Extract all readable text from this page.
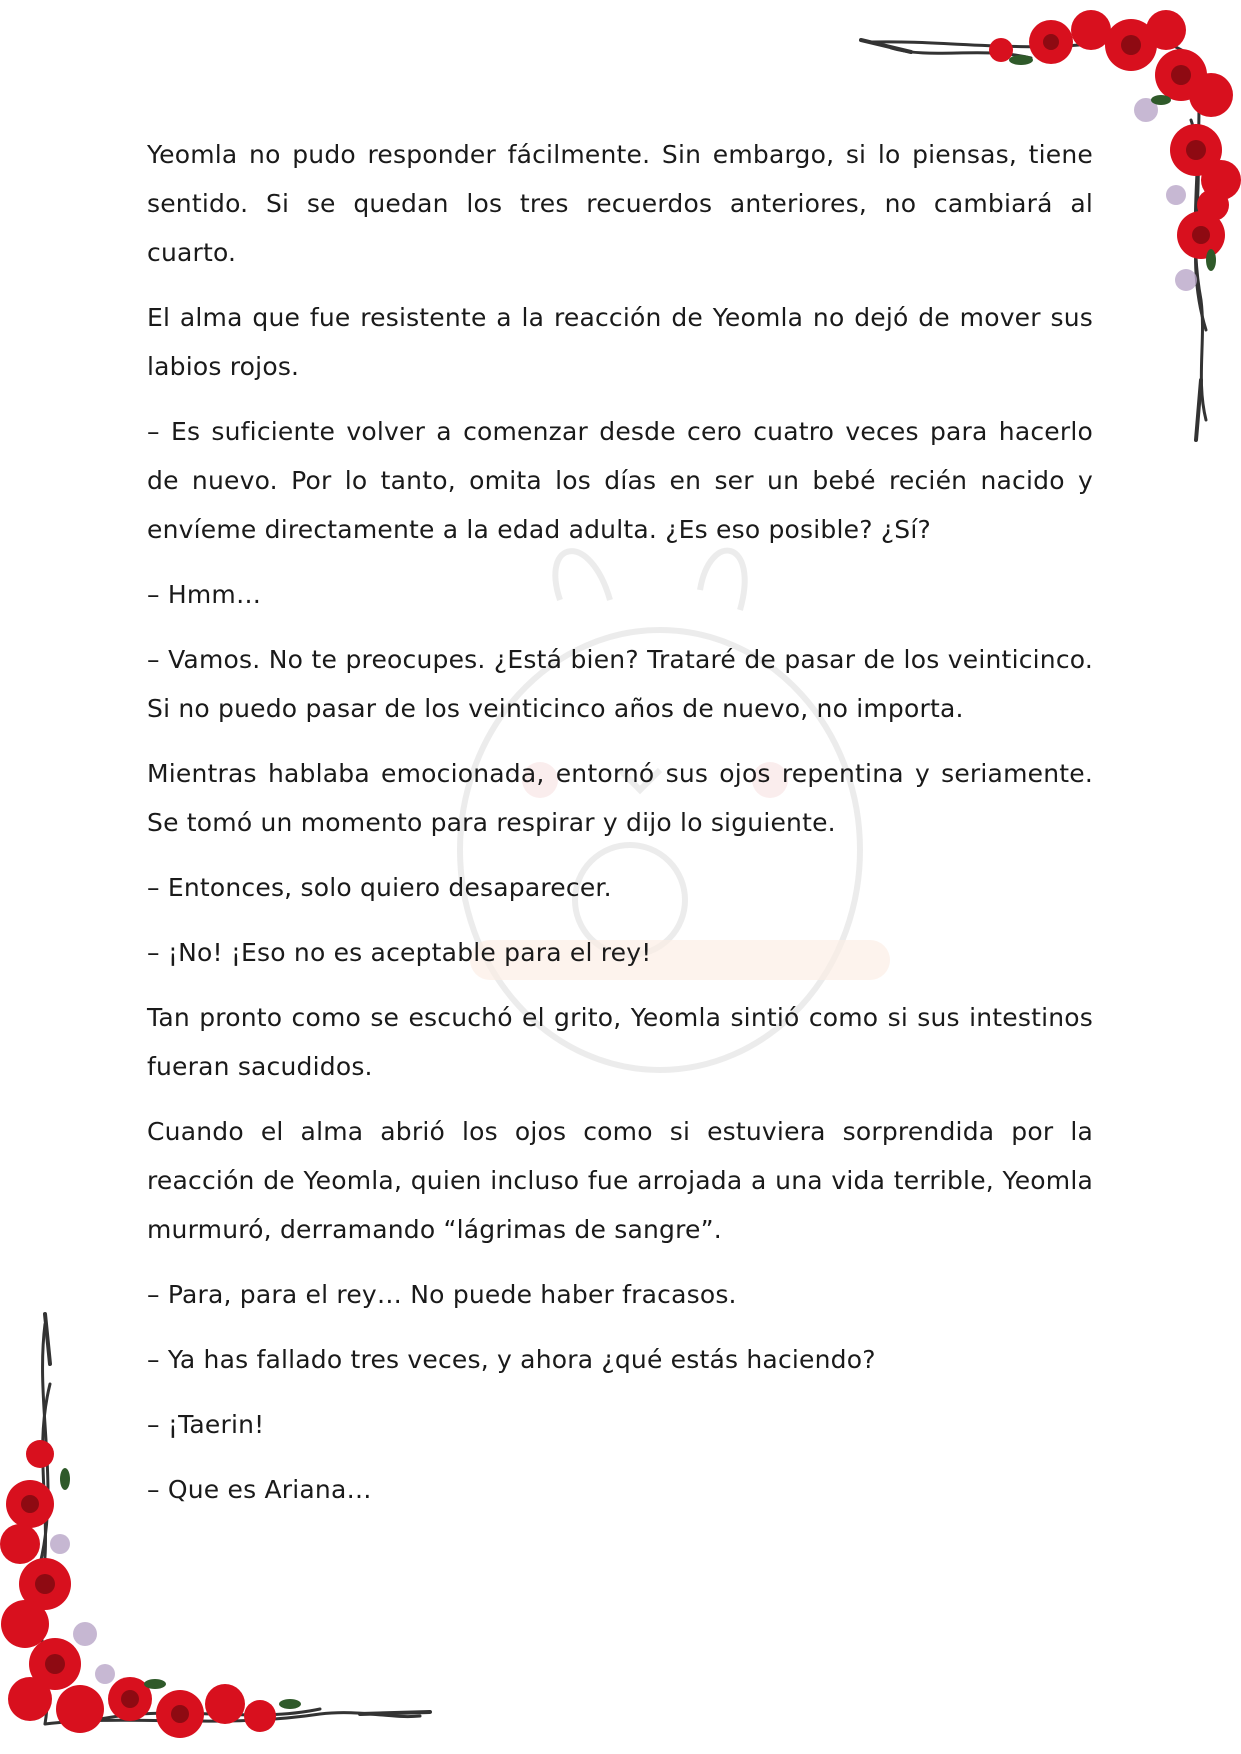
Yeomla no pudo responder fácilmente. Sin embargo, si lo piensas, tiene sentido. Si se quedan los tres recuerdos anteriores, no cambiará al cuarto.

El alma que fue resistente a la reacción de Yeomla no dejó de mover sus labios rojos.

– Es suficiente volver a comenzar desde cero cuatro veces para hacerlo de nuevo. Por lo tanto, omita los días en ser un bebé recién nacido y envíeme directamente a la edad adulta. ¿Es eso posible? ¿Sí?

– Hmm…

– Vamos. No te preocupes. ¿Está bien? Trataré de pasar de los veinticinco. Si no puedo pasar de los veinticinco años de nuevo, no importa.

Mientras hablaba emocionada, entornó sus ojos repentina y seriamente. Se tomó un momento para respirar y dijo lo siguiente.

– Entonces, solo quiero desaparecer.

– ¡No! ¡Eso no es aceptable para el rey!

Tan pronto como se escuchó el grito, Yeomla sintió como si sus intestinos fueran sacudidos.

Cuando el alma abrió los ojos como si estuviera sorprendida por la reacción de Yeomla, quien incluso fue arrojada a una vida terrible, Yeomla murmuró, derramando “lágrimas de sangre”.

– Para, para el rey… No puede haber fracasos.

– Ya has fallado tres veces, y ahora ¿qué estás haciendo?

– ¡Taerin!

– Que es Ariana…
